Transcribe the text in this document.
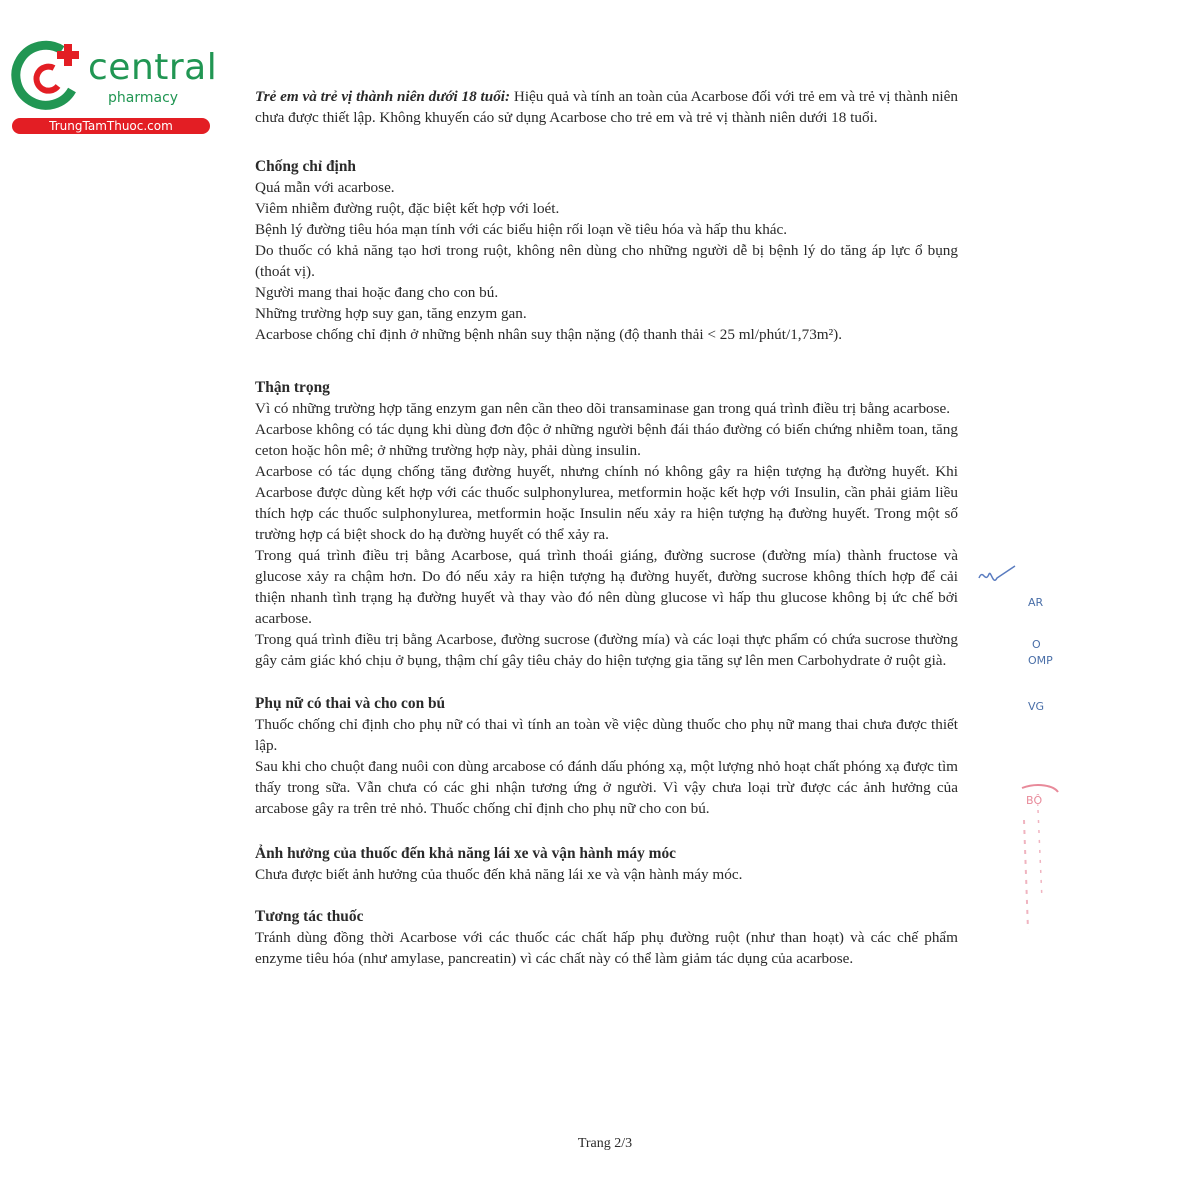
central
pharmacy
TrungTamThuoc.com

Trẻ em và trẻ vị thành niên dưới 18 tuổi: Hiệu quả và tính an toàn của Acarbose đối với trẻ em và trẻ vị thành niên chưa được thiết lập. Không khuyến cáo sử dụng Acarbose cho trẻ em và trẻ vị thành niên dưới 18 tuổi.

Chống chỉ định

Quá mẫn với acarbose.

Viêm nhiễm đường ruột, đặc biệt kết hợp với loét.

Bệnh lý đường tiêu hóa mạn tính với các biểu hiện rối loạn về tiêu hóa và hấp thu khác.

Do thuốc có khả năng tạo hơi trong ruột, không nên dùng cho những người dễ bị bệnh lý do tăng áp lực ổ bụng (thoát vị).

Người mang thai hoặc đang cho con bú.

Những trường hợp suy gan, tăng enzym gan.

Acarbose chống chỉ định ở những bệnh nhân suy thận nặng (độ thanh thải < 25 ml/phút/1,73m²).

Thận trọng

Vì có những trường hợp tăng enzym gan nên cần theo dõi transaminase gan trong quá trình điều trị bằng acarbose.

Acarbose không có tác dụng khi dùng đơn độc ở những người bệnh đái tháo đường có biến chứng nhiễm toan, tăng ceton hoặc hôn mê; ở những trường hợp này, phải dùng insulin.

Acarbose có tác dụng chống tăng đường huyết, nhưng chính nó không gây ra hiện tượng hạ đường huyết. Khi Acarbose được dùng kết hợp với các thuốc sulphonylurea, metformin hoặc kết hợp với Insulin, cần phải giảm liều thích hợp các thuốc sulphonylurea, metformin hoặc Insulin nếu xảy ra hiện tượng hạ đường huyết. Trong một số trường hợp cá biệt shock do hạ đường huyết có thể xảy ra.

Trong quá trình điều trị bằng Acarbose, quá trình thoái giáng, đường sucrose (đường mía) thành fructose và glucose xảy ra chậm hơn. Do đó nếu xảy ra hiện tượng hạ đường huyết, đường sucrose không thích hợp để cải thiện nhanh tình trạng hạ đường huyết và thay vào đó nên dùng glucose vì hấp thu glucose không bị ức chế bởi acarbose.

Trong quá trình điều trị bằng Acarbose, đường sucrose (đường mía) và các loại thực phẩm có chứa sucrose thường gây cảm giác khó chịu ở bụng, thậm chí gây tiêu chảy do hiện tượng gia tăng sự lên men Carbohydrate ở ruột già.

Phụ nữ có thai và cho con bú

Thuốc chống chỉ định cho phụ nữ có thai vì tính an toàn về việc dùng thuốc cho phụ nữ mang thai chưa được thiết lập.

Sau khi cho chuột đang nuôi con dùng arcabose có đánh dấu phóng xạ, một lượng nhỏ hoạt chất phóng xạ được tìm thấy trong sữa. Vẫn chưa có các ghi nhận tương ứng ở người. Vì vậy chưa loại trừ được các ảnh hưởng của arcabose gây ra trên trẻ nhỏ. Thuốc chống chỉ định cho phụ nữ cho con bú.

Ảnh hưởng của thuốc đến khả năng lái xe và vận hành máy móc

Chưa được biết ảnh hưởng của thuốc đến khả năng lái xe và vận hành máy móc.

Tương tác thuốc

Tránh dùng đồng thời Acarbose với các thuốc các chất hấp phụ đường ruột (như than hoạt) và các chế phẩm enzyme tiêu hóa (như amylase, pancreatin) vì các chất này có thể làm giảm tác dụng của acarbose.

AR
O
OMP
VG
BỘ
Trang 2/3
